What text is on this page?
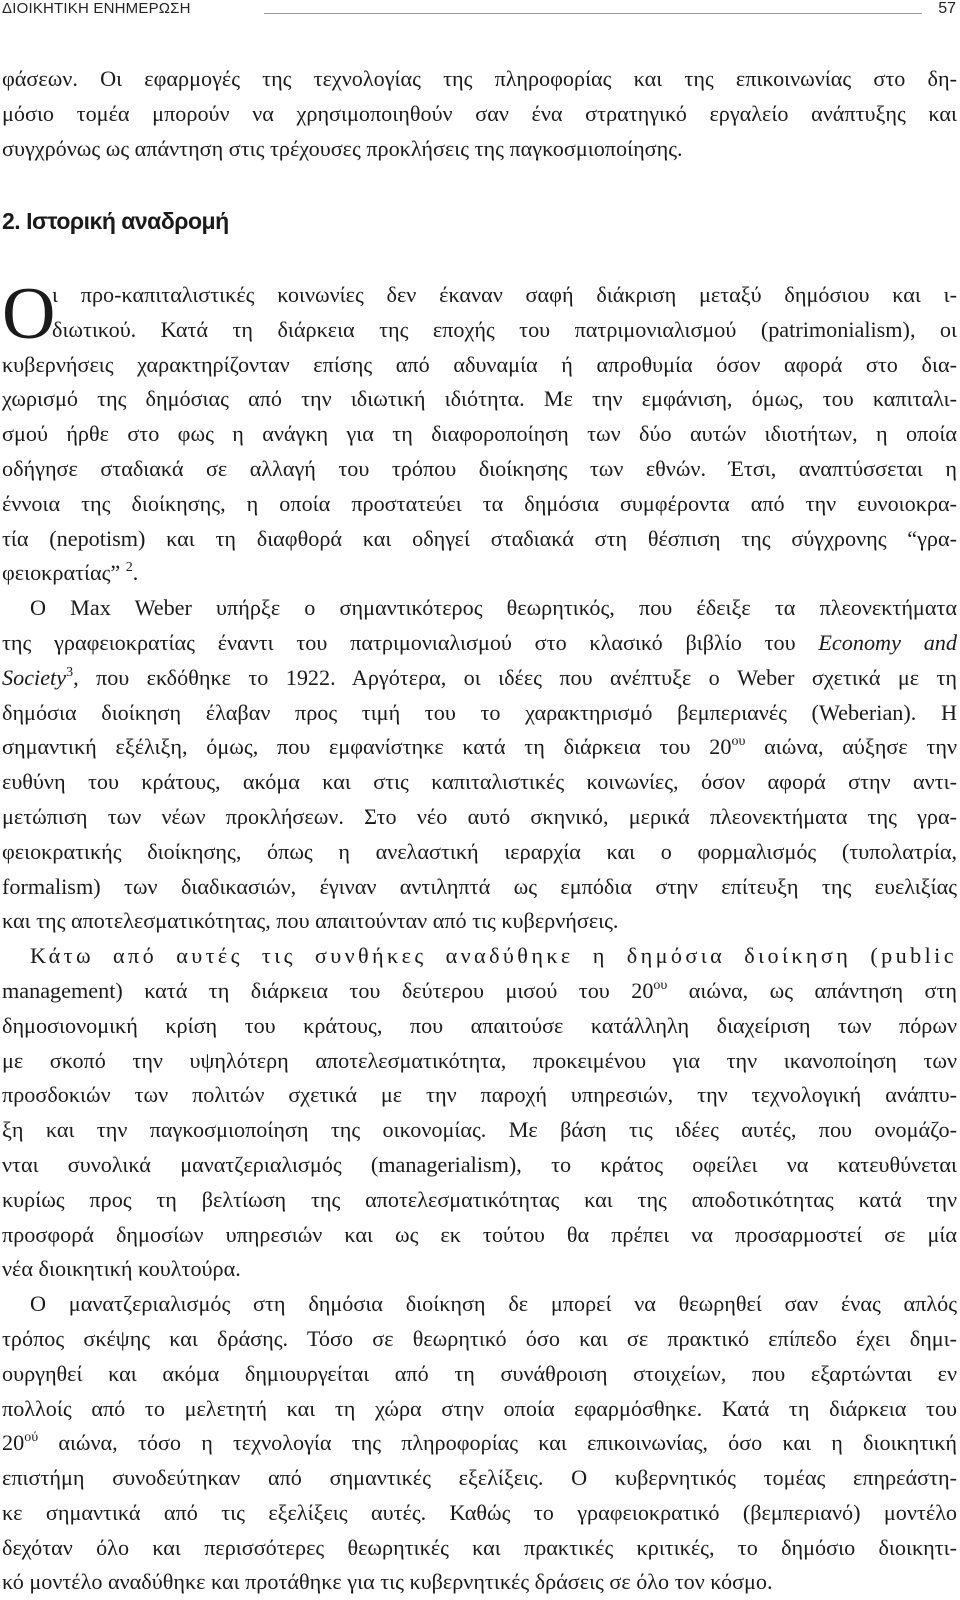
ΔΙΟΙΚΗΤΙΚΗ ΕΝΗΜΕΡΩΣΗ	57
φάσεων. Οι εφαρμογές της τεχνολογίας της πληροφορίας και της επικοινωνίας στο δη-
μόσιο τομέα μπορούν να χρησιμοποιηθούν σαν ένα στρατηγικό εργαλείο ανάπτυξης και
συγχρόνως ως απάντηση στις τρέχουσες προκλήσεις της παγκοσμιοποίησης.
2. Ιστορική αναδρομή
Ο
ι προ-καπιταλιστικές κοινωνίες δεν έκαναν σαφή διάκριση μεταξύ δημόσιου και ι-
διωτικού. Κατά τη διάρκεια της εποχής του πατριμονιαλισμού (patrimonialism), οι
κυβερνήσεις χαρακτηρίζονταν επίσης από αδυναμία ή απροθυμία όσον αφορά στο δια-
χωρισμό της δημόσιας από την ιδιωτική ιδιότητα. Με την εμφάνιση, όμως, του καπιταλι-
σμού ήρθε στο φως η ανάγκη για τη διαφοροποίηση των δύο αυτών ιδιοτήτων, η οποία
οδήγησε σταδιακά σε αλλαγή του τρόπου διοίκησης των εθνών. Έτσι, αναπτύσσεται η
έννοια της διοίκησης, η οποία προστατεύει τα δημόσια συμφέροντα από την ευνοιοκρα-
τία (nepotism) και τη διαφθορά και οδηγεί σταδιακά στη θέσπιση της σύγχρονης “γρα-
φειοκρατίας” $^2$.
Ο Max Weber υπήρξε ο σημαντικότερος θεωρητικός, που έδειξε τα πλεονεκτήματα
της γραφειοκρατίας έναντι του πατριμονιαλισμού στο κλασικό βιβλίο του Economy and
Society$^3$, που εκδόθηκε το 1922. Αργότερα, οι ιδέες που ανέπτυξε ο Weber σχετικά με τη
δημόσια διοίκηση έλαβαν προς τιμή του το χαρακτηρισμό βεμπεριανές (Weberian). Η
σημαντική εξέλιξη, όμως, που εμφανίστηκε κατά τη διάρκεια του $20^{o\upsilon}$ αιώνα, αύξησε την
ευθύνη του κράτους, ακόμα και στις καπιταλιστικές κοινωνίες, όσον αφορά στην αντι-
μετώπιση των νέων προκλήσεων. Στο νέο αυτό σκηνικό, μερικά πλεονεκτήματα της γρα-
φειοκρατικής διοίκησης, όπως η ανελαστική ιεραρχία και ο φορμαλισμός (τυπολατρία,
formalism) των διαδικασιών, έγιναν αντιληπτά ως εμπόδια στην επίτευξη της ευελιξίας
και της αποτελεσματικότητας, που απαιτούνταν από τις κυβερνήσεις.
Κάτω από αυτές τις συνθήκες αναδύθηκε η δημόσια διοίκηση (public
management) κατά τη διάρκεια του δεύτερου μισού του $20^{o\upsilon}$ αιώνα, ως απάντηση στη
δημοσιονομική κρίση του κράτους, που απαιτούσε κατάλληλη διαχείριση των πόρων
με σκοπό την υψηλότερη αποτελεσματικότητα, προκειμένου για την ικανοποίηση των
προσδοκιών των πολιτών σχετικά με την παροχή υπηρεσιών, την τεχνολογική ανάπτυ-
ξη και την παγκοσμιοποίηση της οικονομίας. Με βάση τις ιδέες αυτές, που ονομάζο-
νται συνολικά μανατζεριαλισμός (managerialism), το κράτος οφείλει να κατευθύνεται
κυρίως προς τη βελτίωση της αποτελεσματικότητας και της αποδοτικότητας κατά την
προσφορά δημοσίων υπηρεσιών και ως εκ τούτου θα πρέπει να προσαρμοστεί σε μία
νέα διοικητική κουλτούρα.
Ο μανατζεριαλισμός στη δημόσια διοίκηση δε μπορεί να θεωρηθεί σαν ένας απλός
τρόπος σκέψης και δράσης. Τόσο σε θεωρητικό όσο και σε πρακτικό επίπεδο έχει δημι-
ουργηθεί και ακόμα δημιουργείται από τη συνάθροιση στοιχείων, που εξαρτώνται εν
πολλοίς από το μελετητή και τη χώρα στην οποία εφαρμόσθηκε. Κατά τη διάρκεια του
$20^{oύ}$ αιώνα, τόσο η τεχνολογία της πληροφορίας και επικοινωνίας, όσο και η διοικητική
επιστήμη συνοδεύτηκαν από σημαντικές εξελίξεις. Ο κυβερνητικός τομέας επηρεάστη-
κε σημαντικά από τις εξελίξεις αυτές. Καθώς το γραφειοκρατικό (βεμπεριανό) μοντέλο
δεχόταν όλο και περισσότερες θεωρητικές και πρακτικές κριτικές, το δημόσιο διοικητι-
κό μοντέλο αναδύθηκε και προτάθηκε για τις κυβερνητικές δράσεις σε όλο τον κόσμο.
